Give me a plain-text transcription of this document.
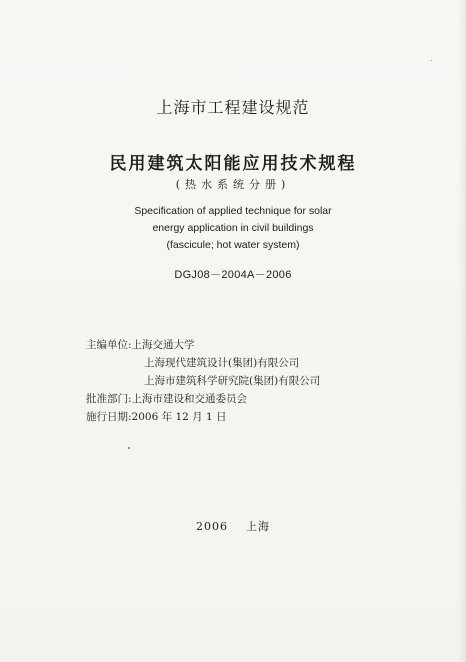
上海市工程建设规范
民用建筑太阳能应用技术规程
(热水系统分册)
Specification of applied technique for solar
energy application in civil buildings
(fascicule; hot water system)
DGJ08－2004A－2006
主编单位:上海交通大学
上海现代建筑设计(集团)有限公司
上海市建筑科学研究院(集团)有限公司
批准部门:上海市建设和交通委员会
施行日期:2006 年 12 月 1 日
2006 上海
